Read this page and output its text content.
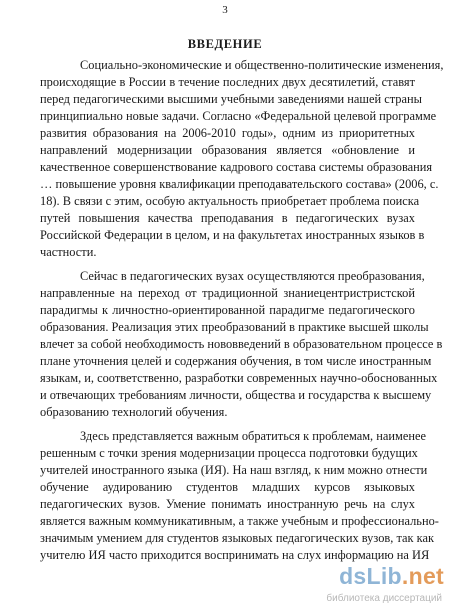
3
ВВЕДЕНИЕ
Социально-экономические и общественно-политические изменения,
происходящие в России в течение последних двух десятилетий, ставят
перед педагогическими высшими учебными заведениями нашей страны
принципиально новые задачи. Согласно «Федеральной целевой программе
развития образования на 2006-2010 годы», одним из приоритетных
направлений модернизации образования является «обновление и
качественное совершенствование кадрового состава системы образования
… повышение уровня квалификации преподавательского состава» (2006, с.
18). В связи с этим, особую актуальность приобретает проблема поиска
путей повышения качества преподавания в педагогических вузах
Российской Федерации в целом, и на факультетах иностранных языков в
частности.
Сейчас в педагогических вузах осуществляются преобразования,
направленные на переход от традиционной знаниецентристристской
парадигмы к личностно-ориентированной парадигме педагогического
образования. Реализация этих преобразований в практике высшей школы
влечет за собой необходимость нововведений в образовательном процессе в
плане уточнения целей и содержания обучения, в том числе иностранным
языкам, и, соответственно, разработки современных научно-обоснованных
и отвечающих требованиям личности, общества и государства к высшему
образованию технологий обучения.
Здесь представляется важным обратиться к проблемам, наименее
решенным с точки зрения модернизации процесса подготовки будущих
учителей иностранного языка (ИЯ). На наш взгляд, к ним можно отнести
обучение аудированию студентов младших курсов языковых
педагогических вузов. Умение понимать иностранную речь на слух
является важным коммуникативным, а также учебным и профессионально-
значимым умением для студентов языковых педагогических вузов, так как
учителю ИЯ часто приходится воспринимать на слух информацию на ИЯ
dsLib.net
библиотека диссертаций
